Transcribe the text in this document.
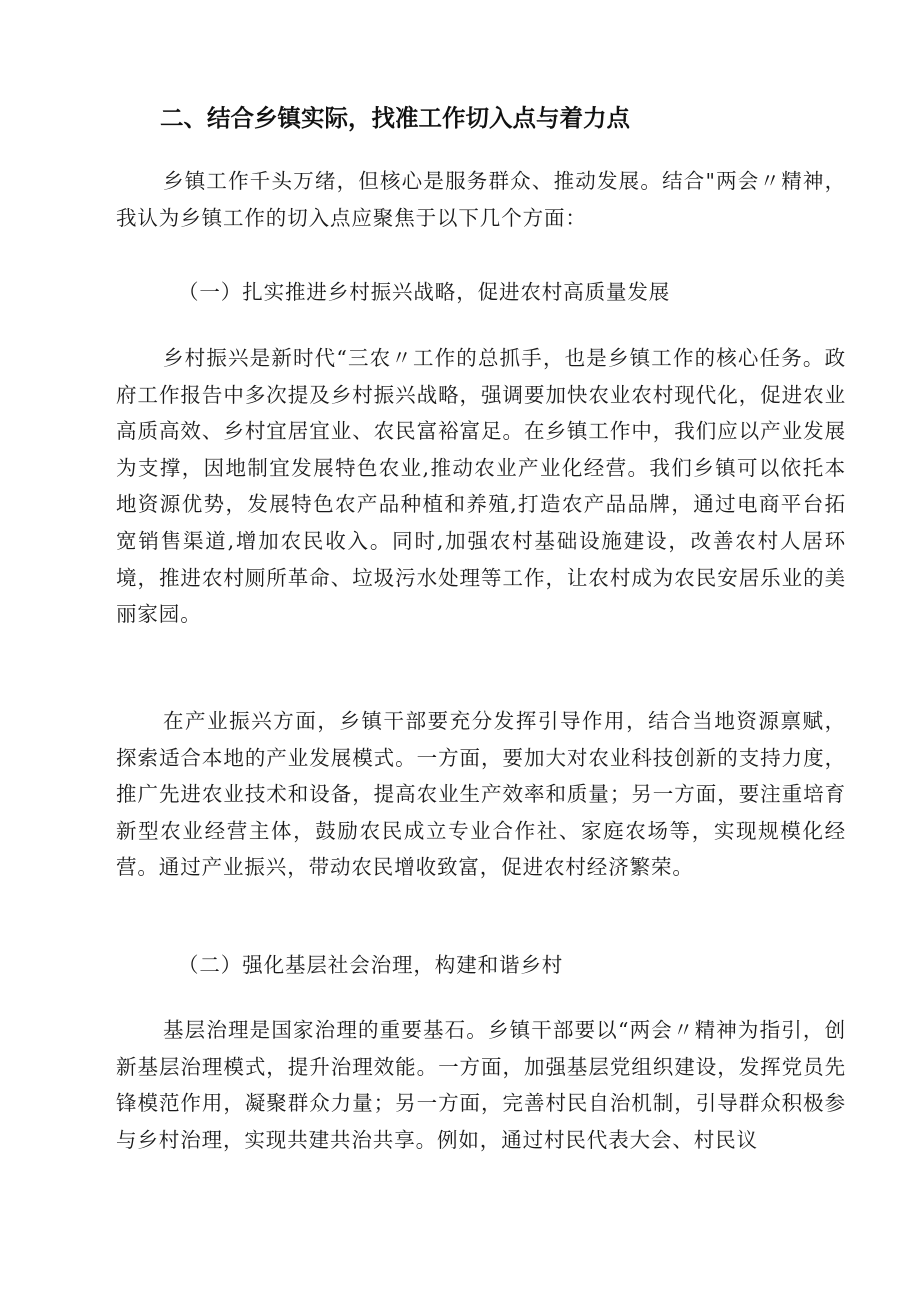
二、结合乡镇实际，找准工作切入点与着力点

乡镇工作千头万绪，但核心是服务群众、推动发展。结合"两会〃精神，我认为乡镇工作的切入点应聚焦于以下几个方面：

（一）扎实推进乡村振兴战略，促进农村高质量发展

乡村振兴是新时代“三农〃工作的总抓手，也是乡镇工作的核心任务。政府工作报告中多次提及乡村振兴战略，强调要加快农业农村现代化，促进农业高质高效、乡村宜居宜业、农民富裕富足。在乡镇工作中，我们应以产业发展为支撑，因地制宜发展特色农业,推动农业产业化经营。我们乡镇可以依托本地资源优势，发展特色农产品种植和养殖,打造农产品品牌，通过电商平台拓宽销售渠道,增加农民收入。同时,加强农村基础设施建设，改善农村人居环境，推进农村厕所革命、垃圾污水处理等工作，让农村成为农民安居乐业的美丽家园。

在产业振兴方面，乡镇干部要充分发挥引导作用，结合当地资源禀赋，探索适合本地的产业发展模式。一方面，要加大对农业科技创新的支持力度，推广先进农业技术和设备，提高农业生产效率和质量；另一方面，要注重培育新型农业经营主体，鼓励农民成立专业合作社、家庭农场等，实现规模化经营。通过产业振兴，带动农民增收致富，促进农村经济繁荣。

（二）强化基层社会治理，构建和谐乡村

基层治理是国家治理的重要基石。乡镇干部要以“两会〃精神为指引，创新基层治理模式，提升治理效能。一方面，加强基层党组织建设，发挥党员先锋模范作用，凝聚群众力量；另一方面，完善村民自治机制，引导群众积极参与乡村治理，实现共建共治共享。例如，通过村民代表大会、村民议
